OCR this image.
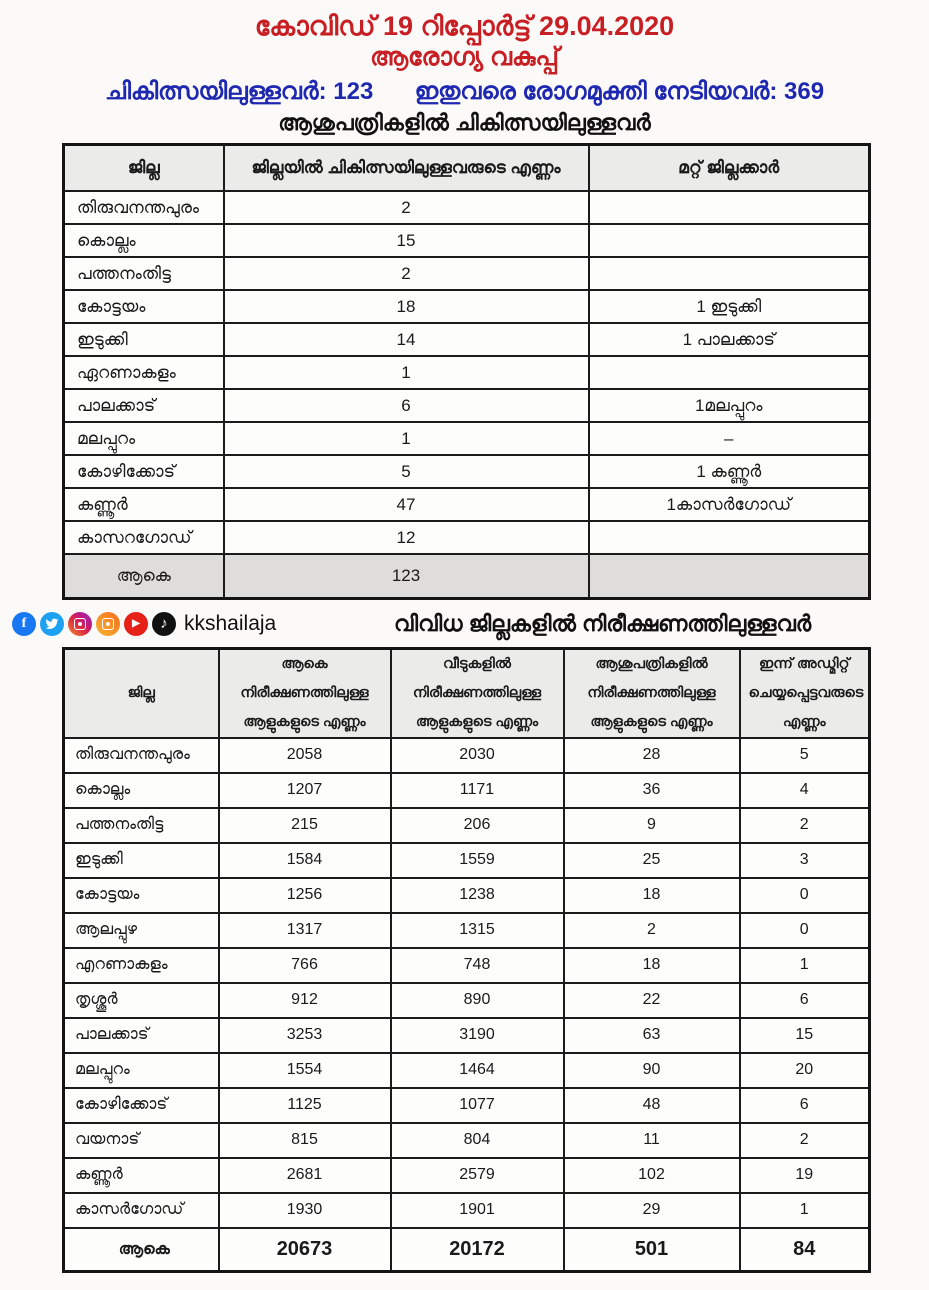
കോവിഡ് 19 റിപ്പോർട്ട് 29.04.2020
ആരോഗ്യ വകുപ്പ്
ചികിത്സയിലുള്ളവർ: 123 ഇതുവരെ രോഗമുക്തി നേടിയവർ: 369
ആശുപത്രികളിൽ ചികിത്സയിലുള്ളവർ
ജില്ല	ജില്ലയിൽ ചികിത്സയിലുള്ളവരുടെ എണ്ണം	മറ്റ് ജില്ലക്കാർ
തിരുവനന്തപുരം	2	
കൊല്ലം	15	
പത്തനംതിട്ട	2	
കോട്ടയം	18	1 ഇടുക്കി
ഇടുക്കി	14	1 പാലക്കാട്
ഏറണാകളം	1	
പാലക്കാട്	6	1മലപ്പുറം
മലപ്പുറം	1	–
കോഴിക്കോട്	5	1 കണ്ണൂർ
കണ്ണൂർ	47	1കാസർഗോഡ്
കാസറഗോഡ്	12	
ആകെ	123	
f	▶	♪ kkshailaja	വിവിധ ജില്ലകളിൽ നിരീക്ഷണത്തിലുള്ളവർ
ജില്ല	ആകെ നിരീക്ഷണത്തിലുള്ള ആളുകളുടെ എണ്ണം	വീടുകളിൽ നിരീക്ഷണത്തിലുള്ള ആളുകളുടെ എണ്ണം	ആശുപത്രികളിൽ നിരീക്ഷണത്തിലുള്ള ആളുകളുടെ എണ്ണം	ഇന്ന് അഡ്മിറ്റ് ചെയ്യപ്പെട്ടവരുടെ എണ്ണം
തിരുവനന്തപുരം	2058	2030	28	5
കൊല്ലം	1207	1171	36	4
പത്തനംതിട്ട	215	206	9	2
ഇടുക്കി	1584	1559	25	3
കോട്ടയം	1256	1238	18	0
ആലപ്പുഴ	1317	1315	2	0
എറണാകളം	766	748	18	1
തൃശ്ശൂർ	912	890	22	6
പാലക്കാട്	3253	3190	63	15
മലപ്പുറം	1554	1464	90	20
കോഴിക്കോട്	1125	1077	48	6
വയനാട്	815	804	11	2
കണ്ണൂർ	2681	2579	102	19
കാസർഗോഡ്	1930	1901	29	1
ആകെ	20673	20172	501	84
